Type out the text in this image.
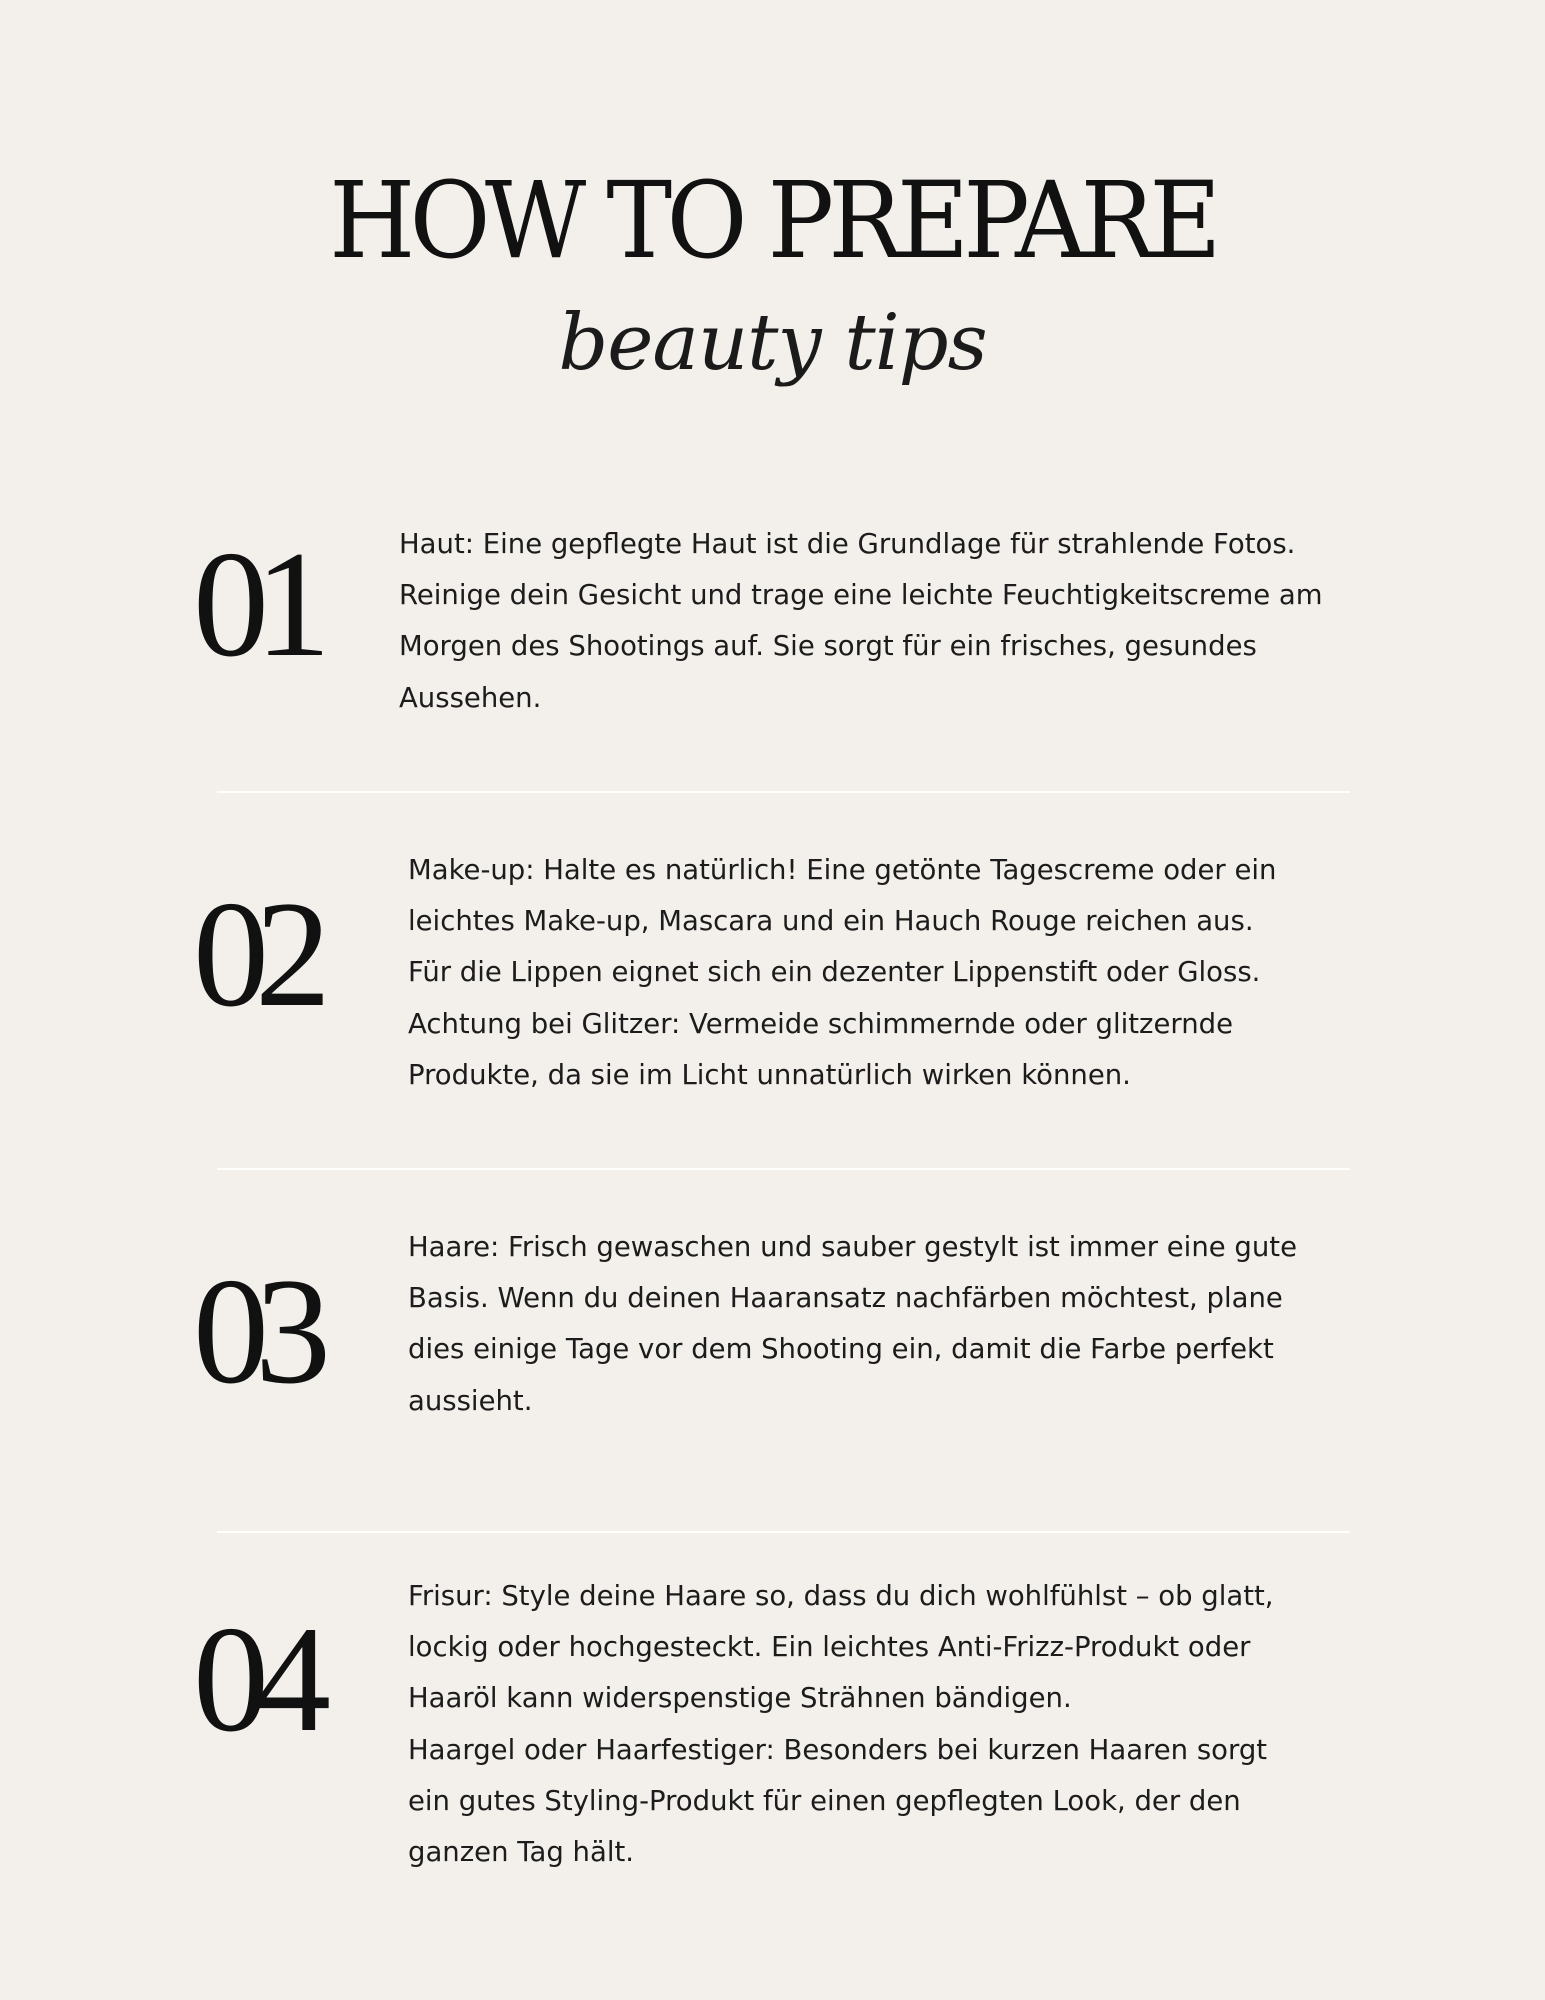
HOW TO PREPARE
beauty tips
01	Haut: Eine gepflegte Haut ist die Grundlage für strahlende Fotos.
Reinige dein Gesicht und trage eine leichte Feuchtigkeitscreme am
Morgen des Shootings auf. Sie sorgt für ein frisches, gesundes
Aussehen.
02	Make-up: Halte es natürlich! Eine getönte Tagescreme oder ein
leichtes Make-up, Mascara und ein Hauch Rouge reichen aus.
Für die Lippen eignet sich ein dezenter Lippenstift oder Gloss.
Achtung bei Glitzer: Vermeide schimmernde oder glitzernde
Produkte, da sie im Licht unnatürlich wirken können.
03	Haare: Frisch gewaschen und sauber gestylt ist immer eine gute
Basis. Wenn du deinen Haaransatz nachfärben möchtest, plane
dies einige Tage vor dem Shooting ein, damit die Farbe perfekt
aussieht.
04	Frisur: Style deine Haare so, dass du dich wohlfühlst – ob glatt,
lockig oder hochgesteckt. Ein leichtes Anti-Frizz-Produkt oder
Haaröl kann widerspenstige Strähnen bändigen.
Haargel oder Haarfestiger: Besonders bei kurzen Haaren sorgt
ein gutes Styling-Produkt für einen gepflegten Look, der den
ganzen Tag hält.
